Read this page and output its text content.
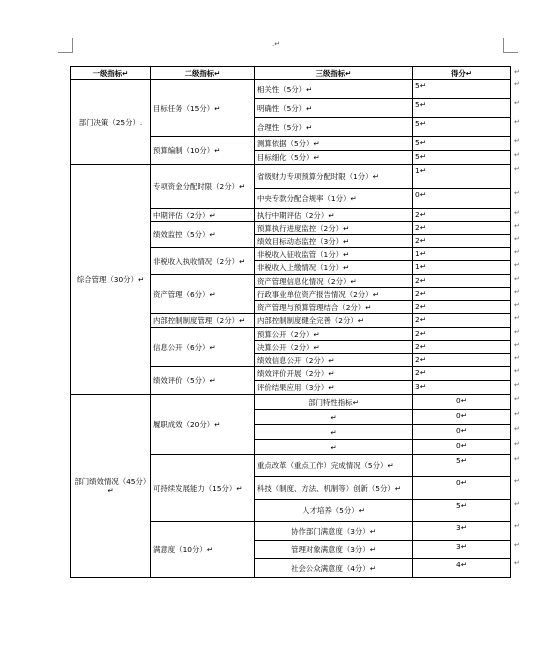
.↵
一级指标↵	二级指标↵	三级指标↵	得分↵
部门决策（25分）.	目标任务（15分）↵	相关性（5分）↵	5↵
		明确性（5分）↵	5↵
		合理性（5分）↵	5↵
	预算编制（10分）↵	测算依据（5分）↵	5↵
		目标细化（5分）↵	5↵
综合管理（30分）↵	专项资金分配时限（2分）↵	省级财力专项预算分配时限（1分）↵	1↵
		中央专款分配合规率（1分）↵	0↵
	中期评估（2分）↵	执行中期评估（2分）↵	2↵
	绩效监控（5分）↵	预算执行进度监控（2分）↵	2↵
		绩效目标动态监控（3分）↵	2↵
	非税收入执收情况（2分）↵	非税收入征收监管（1分）↵	1↵
		非税收入上缴情况（1分）↵	1↵
	资产管理（6分）↵	资产管理信息化情况（2分）↵	2↵
		行政事业单位资产报告情况（2分）↵	2↵
		资产管理与预算管理结合（2分）↵	2↵
	内部控制制度管理（2分）↵	内部控制制度健全完善（2分）↵	2↵
	信息公开（6分）↵	预算公开（2分）↵	2↵
		决算公开（2分）↵	2↵
		绩效信息公开（2分）↵	2↵
	绩效评价（5分）↵	绩效评价开展（2分）↵	2↵
		评价结果应用（3分）↵	3↵
部门绩效情况（45分）↵	履职成效（20分）↵	部门特性指标↵	0↵
		↵	0↵
		↵	0↵
		↵	0↵
	可持续发展能力（15分）↵	重点改革（重点工作）完成情况（5分）↵	5↵
		科技（制度、方法、机制等）创新（5分）↵	0↵
		人才培养（5分）↵	5↵
	满意度（10分）↵	协作部门满意度（3分）↵	3↵
		管理对象满意度（3分）↵	3↵
		社会公众满意度（4分）↵	4↵
↵
↵
↵
↵
↵
↵
↵
↵
↵
↵
↵
↵
↵
↵
↵
↵
↵
↵
↵
↵
↵
↵
↵
↵
↵
↵
↵
↵
↵
↵
↵
↵
